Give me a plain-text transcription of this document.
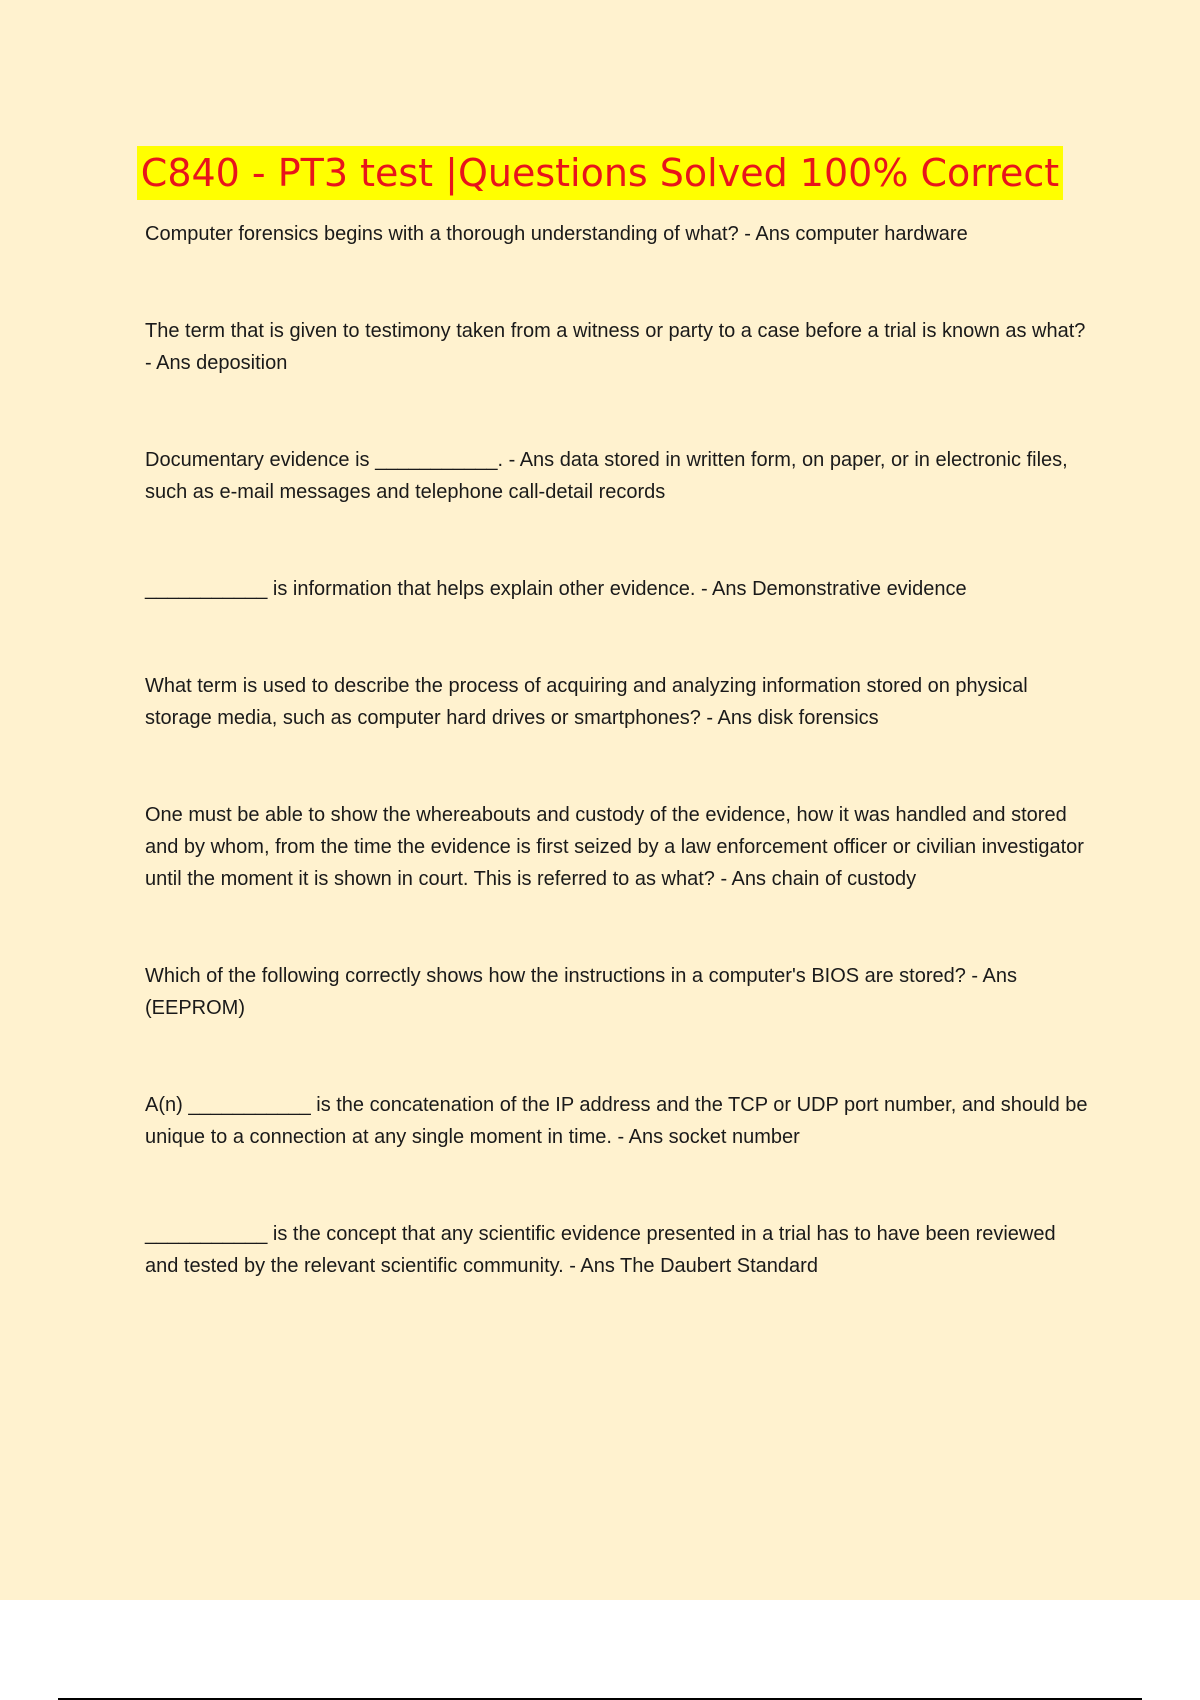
C840 - PT3 test |Questions Solved 100% Correct

Computer forensics begins with a thorough understanding of what? - Ans computer hardware

The term that is given to testimony taken from a witness or party to a case before a trial is known as what? - Ans deposition

Documentary evidence is ___________. - Ans data stored in written form, on paper, or in electronic files, such as e-mail messages and telephone call-detail records

___________ is information that helps explain other evidence. - Ans Demonstrative evidence

What term is used to describe the process of acquiring and analyzing information stored on physical storage media, such as computer hard drives or smartphones? - Ans disk forensics

One must be able to show the whereabouts and custody of the evidence, how it was handled and stored and by whom, from the time the evidence is first seized by a law enforcement officer or civilian investigator until the moment it is shown in court. This is referred to as what? - Ans chain of custody

Which of the following correctly shows how the instructions in a computer's BIOS are stored? - Ans (EEPROM)

A(n) ___________ is the concatenation of the IP address and the TCP or UDP port number, and should be unique to a connection at any single moment in time. - Ans socket number

___________ is the concept that any scientific evidence presented in a trial has to have been reviewed and tested by the relevant scientific community. - Ans The Daubert Standard
